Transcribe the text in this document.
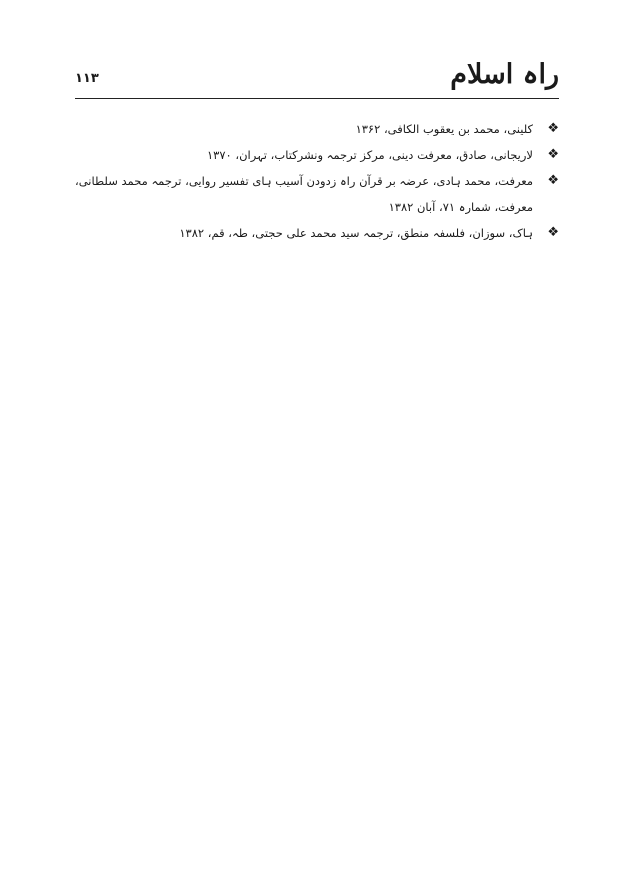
راہ اسلام
۱۱۳
❖
کلینی، محمد بن یعقوب الکافی، ۱۳۶۲
❖
لاریجانی، صادق، معرفت دینی، مرکز ترجمہ ونشرکتاب، تہران، ۱۳۷۰
❖
معرفت، محمد ہادی، عرضہ بر قرآن راہ زدودن آسیب ہای تفسیر روایی، ترجمہ محمد سلطانی، معرفت، شمارہ ۷۱، آبان ۱۳۸۲
❖
ہاک، سوزان، فلسفہ منطق، ترجمہ سید محمد علی حجتی، طہ، قم، ۱۳۸۲
